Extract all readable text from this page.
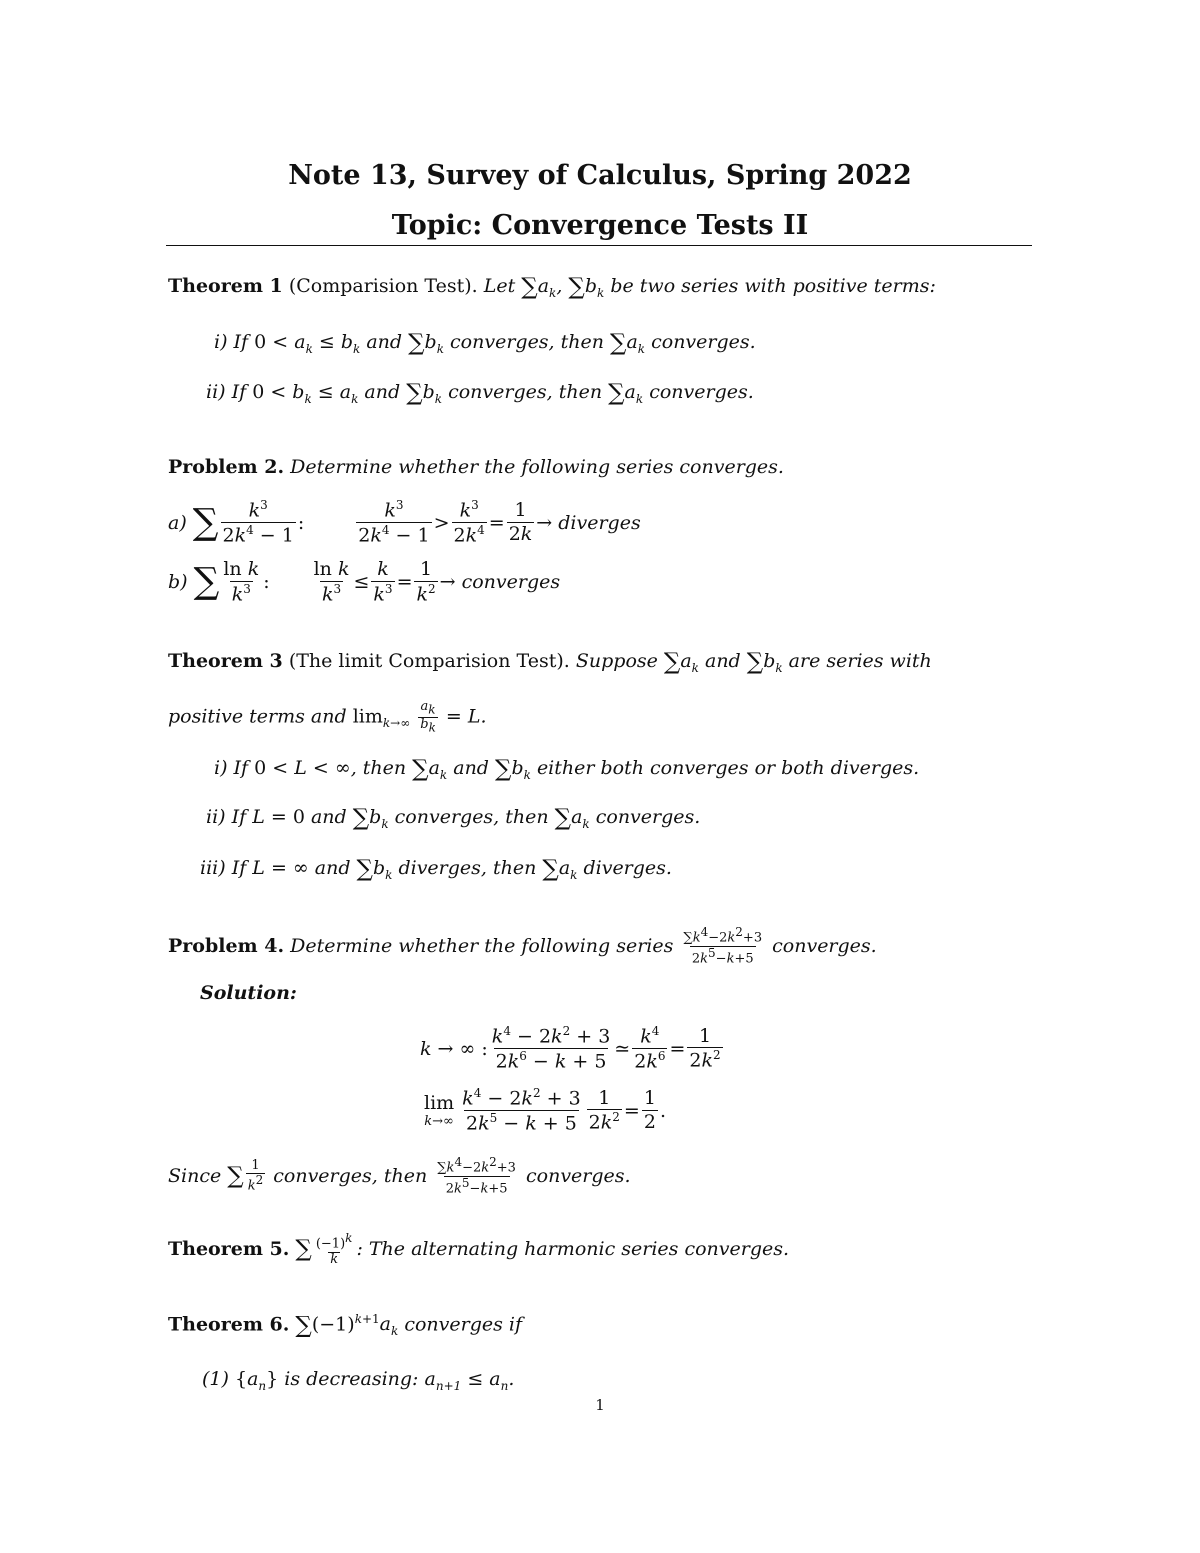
Note 13, Survey of Calculus, Spring 2022
Topic: Convergence Tests II
Theorem 1 (Comparision Test). Let $\sum a_k$, $\sum b_k$ be two series with positive terms:
i) If $0 < a_k \le b_k$ and $\sum b_k$ converges, then $\sum a_k$ converges.
ii) If $0 < b_k \le a_k$ and $\sum b_k$ converges, then $\sum a_k$ converges.
Problem 2. Determine whether the following series converges.
a)
∑ $\frac{k^3}{2k^4 - 1}$ :	$\frac{k^3}{2k^4 - 1} > \frac{k^3}{2k^4} = \frac{1}{2k}$ → diverges
b)
∑ $\frac{\text{ln k}}{k^3}$ : $\frac{\text{ln k}}{k^3} \le \frac{k}{k^3} = \frac{1}{k^2}$ → converges
Theorem 3 (The limit Comparision Test). Suppose $\sum a_k$ and $\sum b_k$ are series with
positive terms and $\lim_{k\to\infty} \frac{a_k}{b_k} = L$.
i) If 0 < L < ∞, then $\sum a_k$ and $\sum b_k$ either both converges or both diverges.
ii) If L = 0 and $\sum b_k$ converges, then $\sum a_k$ converges.
iii) If L = ∞ and $\sum b_k$ diverges, then $\sum a_k$ diverges.
Problem 4.
Determine whether the following series
$\frac{\sum k^4-2k^2+3}{2k^5-k+5}$
converges.
Solution:
k → ∞ : $\frac{k^4 - 2k^2 + 3}{2k^6 - k + 5}$ ≃ $\frac{k^4}{2k^6} = \frac{1}{2k^2}$
lim
$k\to\infty \frac{k^4 - 2k^2 + 3}{2k^5 - k + 5} \frac{1}{2k^2} = \frac{1}{2}$ .
Since
∑ $\frac{1}{k^2}$ converges, then $\frac{\sum k^4-2k^2+3}{2k^5-k+5}$
converges.
Theorem 5.
∑ $\frac{(-1)^k}{k}$ : The alternating harmonic series converges.
Theorem 6. $\sum(-1)^{k+1}a_k$ converges if
(1) $\{a_n\}$ is decreasing: $a_{n+1} \le a_n$.
1
